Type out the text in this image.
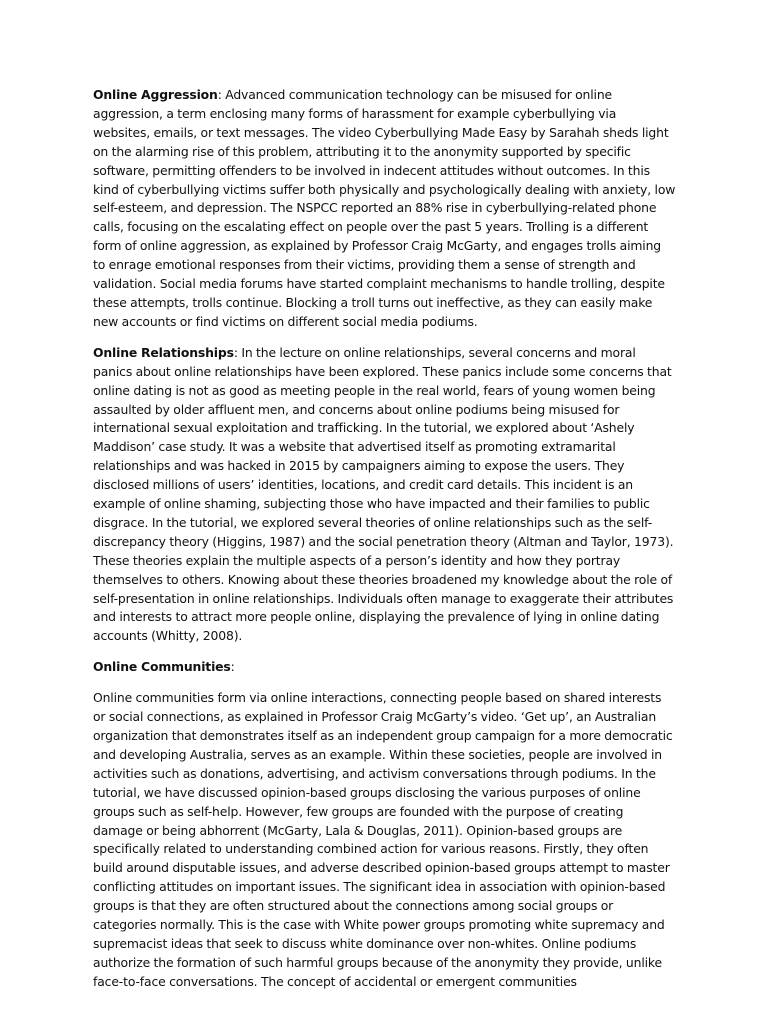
Online Aggression: Advanced communication technology can be misused for online aggression, a term enclosing many forms of harassment for example cyberbullying via websites, emails, or text messages. The video Cyberbullying Made Easy by Sarahah sheds light on the alarming rise of this problem, attributing it to the anonymity supported by specific software, permitting offenders to be involved in indecent attitudes without outcomes. In this kind of cyberbullying victims suffer both physically and psychologically dealing with anxiety, low self-esteem, and depression. The NSPCC reported an 88% rise in cyberbullying-related phone calls, focusing on the escalating effect on people over the past 5 years. Trolling is a different form of online aggression, as explained by Professor Craig McGarty, and engages trolls aiming to enrage emotional responses from their victims, providing them a sense of strength and validation. Social media forums have started complaint mechanisms to handle trolling, despite these attempts, trolls continue. Blocking a troll turns out ineffective, as they can easily make new accounts or find victims on different social media podiums.

Online Relationships: In the lecture on online relationships, several concerns and moral panics about online relationships have been explored. These panics include some concerns that online dating is not as good as meeting people in the real world, fears of young women being assaulted by older affluent men, and concerns about online podiums being misused for international sexual exploitation and trafficking. In the tutorial, we explored about ‘Ashely Maddison’ case study. It was a website that advertised itself as promoting extramarital relationships and was hacked in 2015 by campaigners aiming to expose the users. They disclosed millions of users’ identities, locations, and credit card details. This incident is an example of online shaming, subjecting those who have impacted and their families to public disgrace. In the tutorial, we explored several theories of online relationships such as the self-discrepancy theory (Higgins, 1987) and the social penetration theory (Altman and Taylor, 1973). These theories explain the multiple aspects of a person’s identity and how they portray themselves to others. Knowing about these theories broadened my knowledge about the role of self-presentation in online relationships. Individuals often manage to exaggerate their attributes and interests to attract more people online, displaying the prevalence of lying in online dating accounts (Whitty, 2008).

Online Communities:

Online communities form via online interactions, connecting people based on shared interests or social connections, as explained in Professor Craig McGarty’s video. ‘Get up’, an Australian organization that demonstrates itself as an independent group campaign for a more democratic and developing Australia, serves as an example. Within these societies, people are involved in activities such as donations, advertising, and activism conversations through podiums. In the tutorial, we have discussed opinion-based groups disclosing the various purposes of online groups such as self-help. However, few groups are founded with the purpose of creating damage or being abhorrent (McGarty, Lala & Douglas, 2011). Opinion-based groups are specifically related to understanding combined action for various reasons. Firstly, they often build around disputable issues, and adverse described opinion-based groups attempt to master conflicting attitudes on important issues. The significant idea in association with opinion-based groups is that they are often structured about the connections among social groups or categories normally. This is the case with White power groups promoting white supremacy and supremacist ideas that seek to discuss white dominance over non-whites. Online podiums authorize the formation of such harmful groups because of the anonymity they provide, unlike face-to-face conversations. The concept of accidental or emergent communities
